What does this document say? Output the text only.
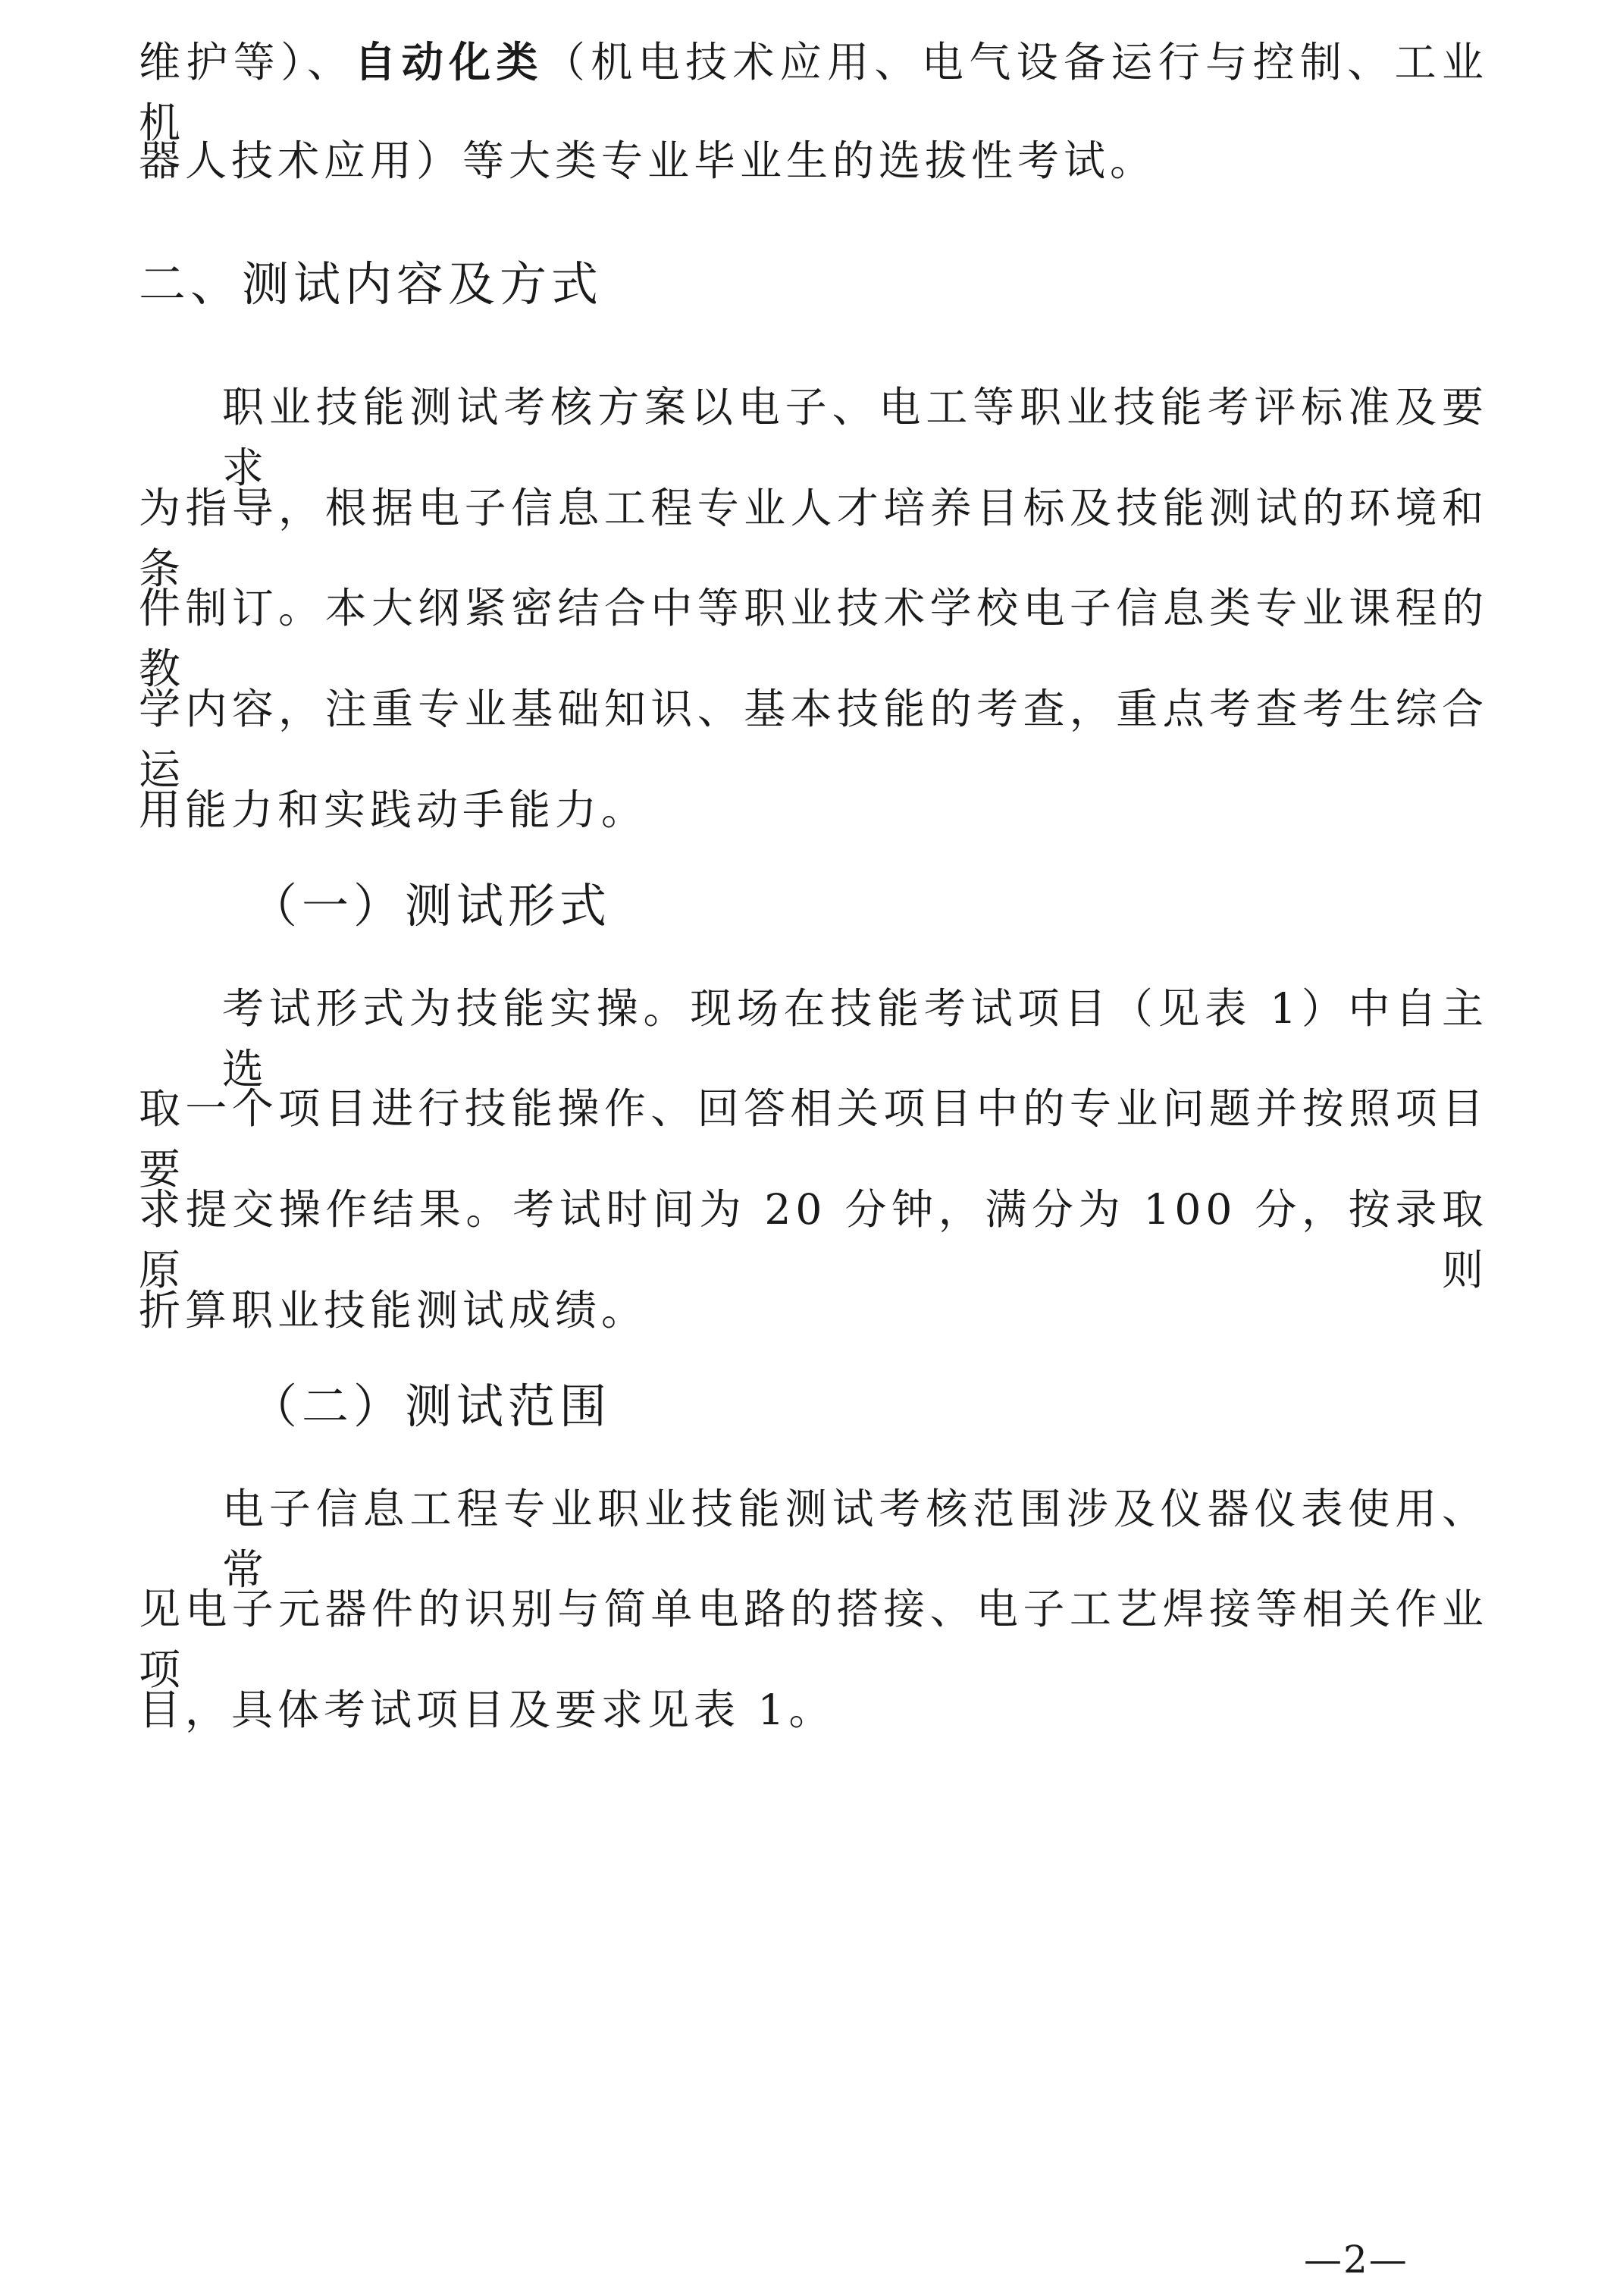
维护等）、自动化类（机电技术应用、电气设备运行与控制、工业机
器人技术应用）等大类专业毕业生的选拔性考试。
二、测试内容及方式
职业技能测试考核方案以电子、电工等职业技能考评标准及要求
为指导，根据电子信息工程专业人才培养目标及技能测试的环境和条
件制订。本大纲紧密结合中等职业技术学校电子信息类专业课程的教
学内容，注重专业基础知识、基本技能的考查，重点考查考生综合运
用能力和实践动手能力。
（一）测试形式
考试形式为技能实操。现场在技能考试项目（见表 1）中自主选
取一个项目进行技能操作、回答相关项目中的专业问题并按照项目要
求提交操作结果。考试时间为 20 分钟，满分为 100 分，按录取原则
折算职业技能测试成绩。
（二）测试范围
电子信息工程专业职业技能测试考核范围涉及仪器仪表使用、常
见电子元器件的识别与简单电路的搭接、电子工艺焊接等相关作业项
目，具体考试项目及要求见表 1。
—2—
